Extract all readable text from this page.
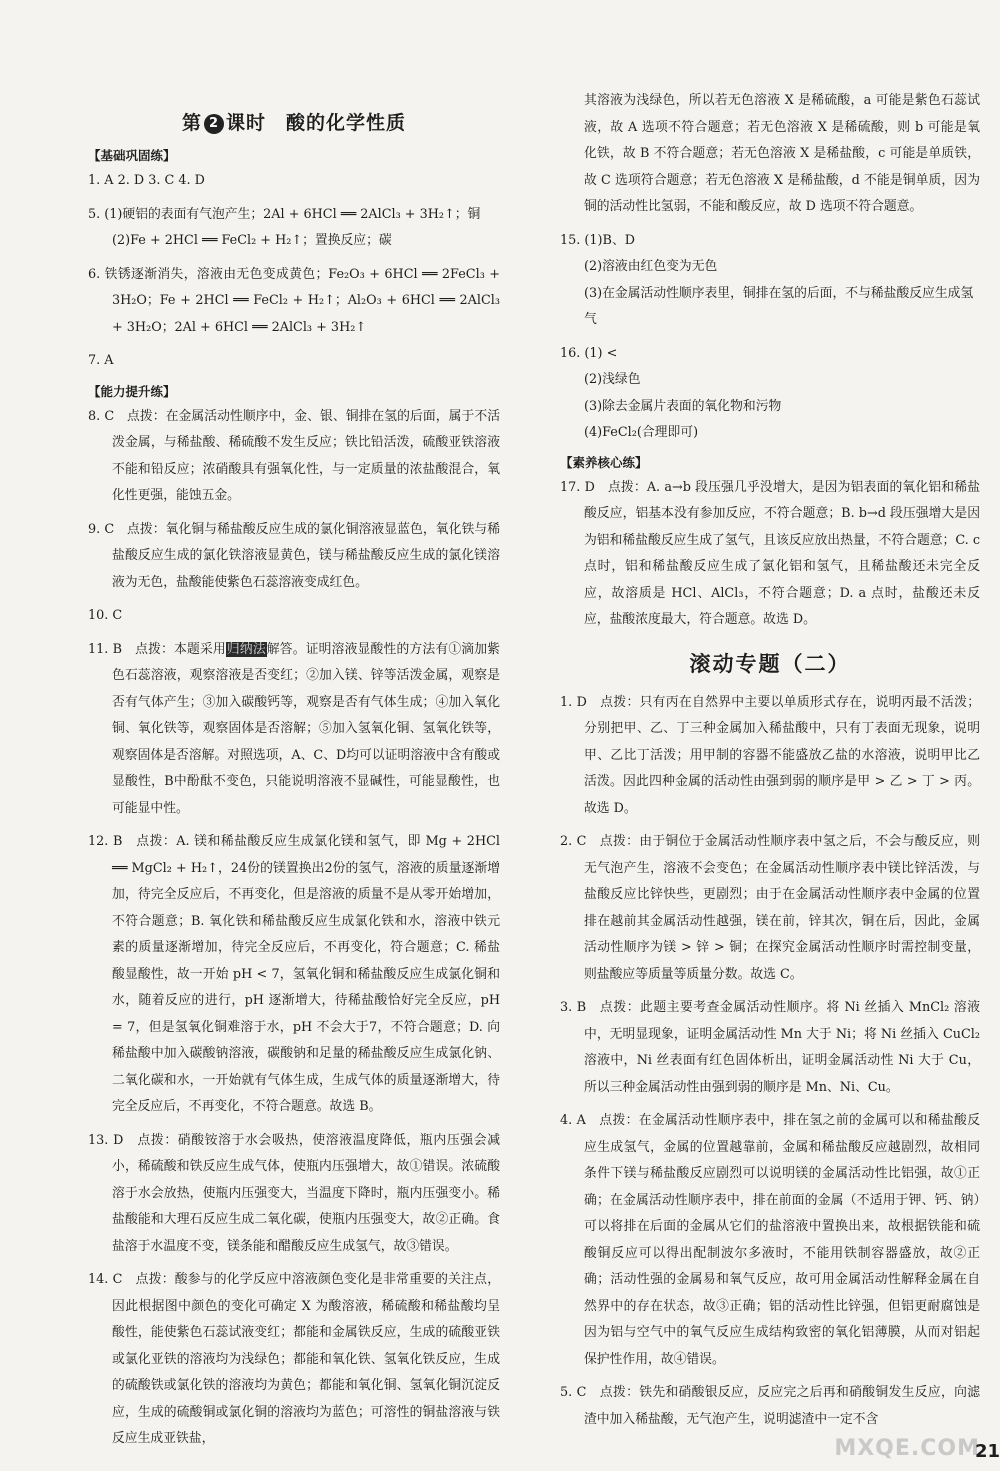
第 2 课时　酸的化学性质
【基础巩固练】

1. A 2. D 3. C 4. D

5. (1)硬铝的表面有气泡产生；2Al + 6HCl ══ 2AlCl₃ + 3H₂↑；铜

(2)Fe + 2HCl ══ FeCl₂ + H₂↑；置换反应；碳

6. 铁锈逐渐消失，溶液由无色变成黄色；Fe₂O₃ + 6HCl ══ 2FeCl₃ + 3H₂O；Fe + 2HCl ══ FeCl₂ + H₂↑；Al₂O₃ + 6HCl ══ 2AlCl₃ + 3H₂O；2Al + 6HCl ══ 2AlCl₃ + 3H₂↑

7. A

【能力提升练】

8. C　点拨：在金属活动性顺序中，金、银、铜排在氢的后面，属于不活泼金属，与稀盐酸、稀硫酸不发生反应；铁比铅活泼，硫酸亚铁溶液不能和铅反应；浓硝酸具有强氧化性，与一定质量的浓盐酸混合，氧化性更强，能蚀五金。

9. C　点拨：氧化铜与稀盐酸反应生成的氯化铜溶液显蓝色，氧化铁与稀盐酸反应生成的氯化铁溶液显黄色，镁与稀盐酸反应生成的氯化镁溶液为无色，盐酸能使紫色石蕊溶液变成红色。

10. C

11. B　点拨：本题采用归纳法解答。证明溶液显酸性的方法有①滴加紫色石蕊溶液，观察溶液是否变红；②加入镁、锌等活泼金属，观察是否有气体产生；③加入碳酸钙等，观察是否有气体生成；④加入氧化铜、氧化铁等，观察固体是否溶解；⑤加入氢氧化铜、氢氧化铁等，观察固体是否溶解。对照选项，A、C、D均可以证明溶液中含有酸或显酸性，B中酚酞不变色，只能说明溶液不显碱性，可能显酸性，也可能显中性。

12. B　点拨：A. 镁和稀盐酸反应生成氯化镁和氢气，即 Mg + 2HCl ══ MgCl₂ + H₂↑，24份的镁置换出2份的氢气，溶液的质量逐渐增加，待完全反应后，不再变化，但是溶液的质量不是从零开始增加，不符合题意；B. 氧化铁和稀盐酸反应生成氯化铁和水，溶液中铁元素的质量逐渐增加，待完全反应后，不再变化，符合题意；C. 稀盐酸显酸性，故一开始 pH < 7，氢氧化铜和稀盐酸反应生成氯化铜和水，随着反应的进行，pH 逐渐增大，待稀盐酸恰好完全反应，pH = 7，但是氢氧化铜难溶于水，pH 不会大于7，不符合题意；D. 向稀盐酸中加入碳酸钠溶液，碳酸钠和足量的稀盐酸反应生成氯化钠、二氧化碳和水，一开始就有气体生成，生成气体的质量逐渐增大，待完全反应后，不再变化，不符合题意。故选 B。

13. D　点拨：硝酸铵溶于水会吸热，使溶液温度降低，瓶内压强会减小，稀硫酸和铁反应生成气体，使瓶内压强增大，故①错误。浓硫酸溶于水会放热，使瓶内压强变大，当温度下降时，瓶内压强变小。稀盐酸能和大理石反应生成二氧化碳，使瓶内压强变大，故②正确。食盐溶于水温度不变，镁条能和醋酸反应生成氢气，故③错误。

14. C　点拨：酸参与的化学反应中溶液颜色变化是非常重要的关注点，因此根据图中颜色的变化可确定 X 为酸溶液，稀硫酸和稀盐酸均呈酸性，能使紫色石蕊试液变红；都能和金属铁反应，生成的硫酸亚铁或氯化亚铁的溶液均为浅绿色；都能和氧化铁、氢氧化铁反应，生成的硫酸铁或氯化铁的溶液均为黄色；都能和氧化铜、氢氧化铜沉淀反应，生成的硫酸铜或氯化铜的溶液均为蓝色；可溶性的铜盐溶液与铁反应生成亚铁盐，

其溶液为浅绿色，所以若无色溶液 X 是稀硫酸，a 可能是紫色石蕊试液，故 A 选项不符合题意；若无色溶液 X 是稀硫酸，则 b 可能是氧化铁，故 B 不符合题意；若无色溶液 X 是稀盐酸，c 可能是单质铁，故 C 选项符合题意；若无色溶液 X 是稀盐酸，d 不能是铜单质，因为铜的活动性比氢弱，不能和酸反应，故 D 选项不符合题意。

15. (1)B、D

(2)溶液由红色变为无色

(3)在金属活动性顺序表里，铜排在氢的后面，不与稀盐酸反应生成氢气

16. (1) <

(2)浅绿色

(3)除去金属片表面的氧化物和污物

(4)FeCl₂(合理即可)

【素养核心练】

17. D　点拨：A. a→b 段压强几乎没增大，是因为铝表面的氧化铝和稀盐酸反应，铝基本没有参加反应，不符合题意；B. b→d 段压强增大是因为铝和稀盐酸反应生成了氢气，且该反应放出热量，不符合题意；C. c 点时，铝和稀盐酸反应生成了氯化铝和氢气，且稀盐酸还未完全反应，故溶质是 HCl、AlCl₃，不符合题意；D. a 点时，盐酸还未反应，盐酸浓度最大，符合题意。故选 D。

滚动专题（二）

1. D　点拨：只有丙在自然界中主要以单质形式存在，说明丙最不活泼；分别把甲、乙、丁三种金属加入稀盐酸中，只有丁表面无现象，说明甲、乙比丁活泼；用甲制的容器不能盛放乙盐的水溶液，说明甲比乙活泼。因此四种金属的活动性由强到弱的顺序是甲 > 乙 > 丁 > 丙。故选 D。

2. C　点拨：由于铜位于金属活动性顺序表中氢之后，不会与酸反应，则无气泡产生，溶液不会变色；在金属活动性顺序表中镁比锌活泼，与盐酸反应比锌快些，更剧烈；由于在金属活动性顺序表中金属的位置排在越前其金属活动性越强，镁在前，锌其次，铜在后，因此，金属活动性顺序为镁 > 锌 > 铜；在探究金属活动性顺序时需控制变量，则盐酸应等质量等质量分数。故选 C。

3. B　点拨：此题主要考查金属活动性顺序。将 Ni 丝插入 MnCl₂ 溶液中，无明显现象，证明金属活动性 Mn 大于 Ni；将 Ni 丝插入 CuCl₂ 溶液中，Ni 丝表面有红色固体析出，证明金属活动性 Ni 大于 Cu，所以三种金属活动性由强到弱的顺序是 Mn、Ni、Cu。

4. A　点拨：在金属活动性顺序表中，排在氢之前的金属可以和稀盐酸反应生成氢气，金属的位置越靠前，金属和稀盐酸反应越剧烈，故相同条件下镁与稀盐酸反应剧烈可以说明镁的金属活动性比铝强，故①正确；在金属活动性顺序表中，排在前面的金属（不适用于钾、钙、钠）可以将排在后面的金属从它们的盐溶液中置换出来，故根据铁能和硫酸铜反应可以得出配制波尔多液时，不能用铁制容器盛放，故②正确；活动性强的金属易和氧气反应，故可用金属活动性解释金属在自然界中的存在状态，故③正确；铝的活动性比锌强，但铝更耐腐蚀是因为铝与空气中的氧气反应生成结构致密的氧化铝薄膜，从而对铝起保护性作用，故④错误。

5. C　点拨：铁先和硝酸银反应，反应完之后再和硝酸铜发生反应，向滤渣中加入稀盐酸，无气泡产生，说明滤渣中一定不含

MXQE.COM
21
